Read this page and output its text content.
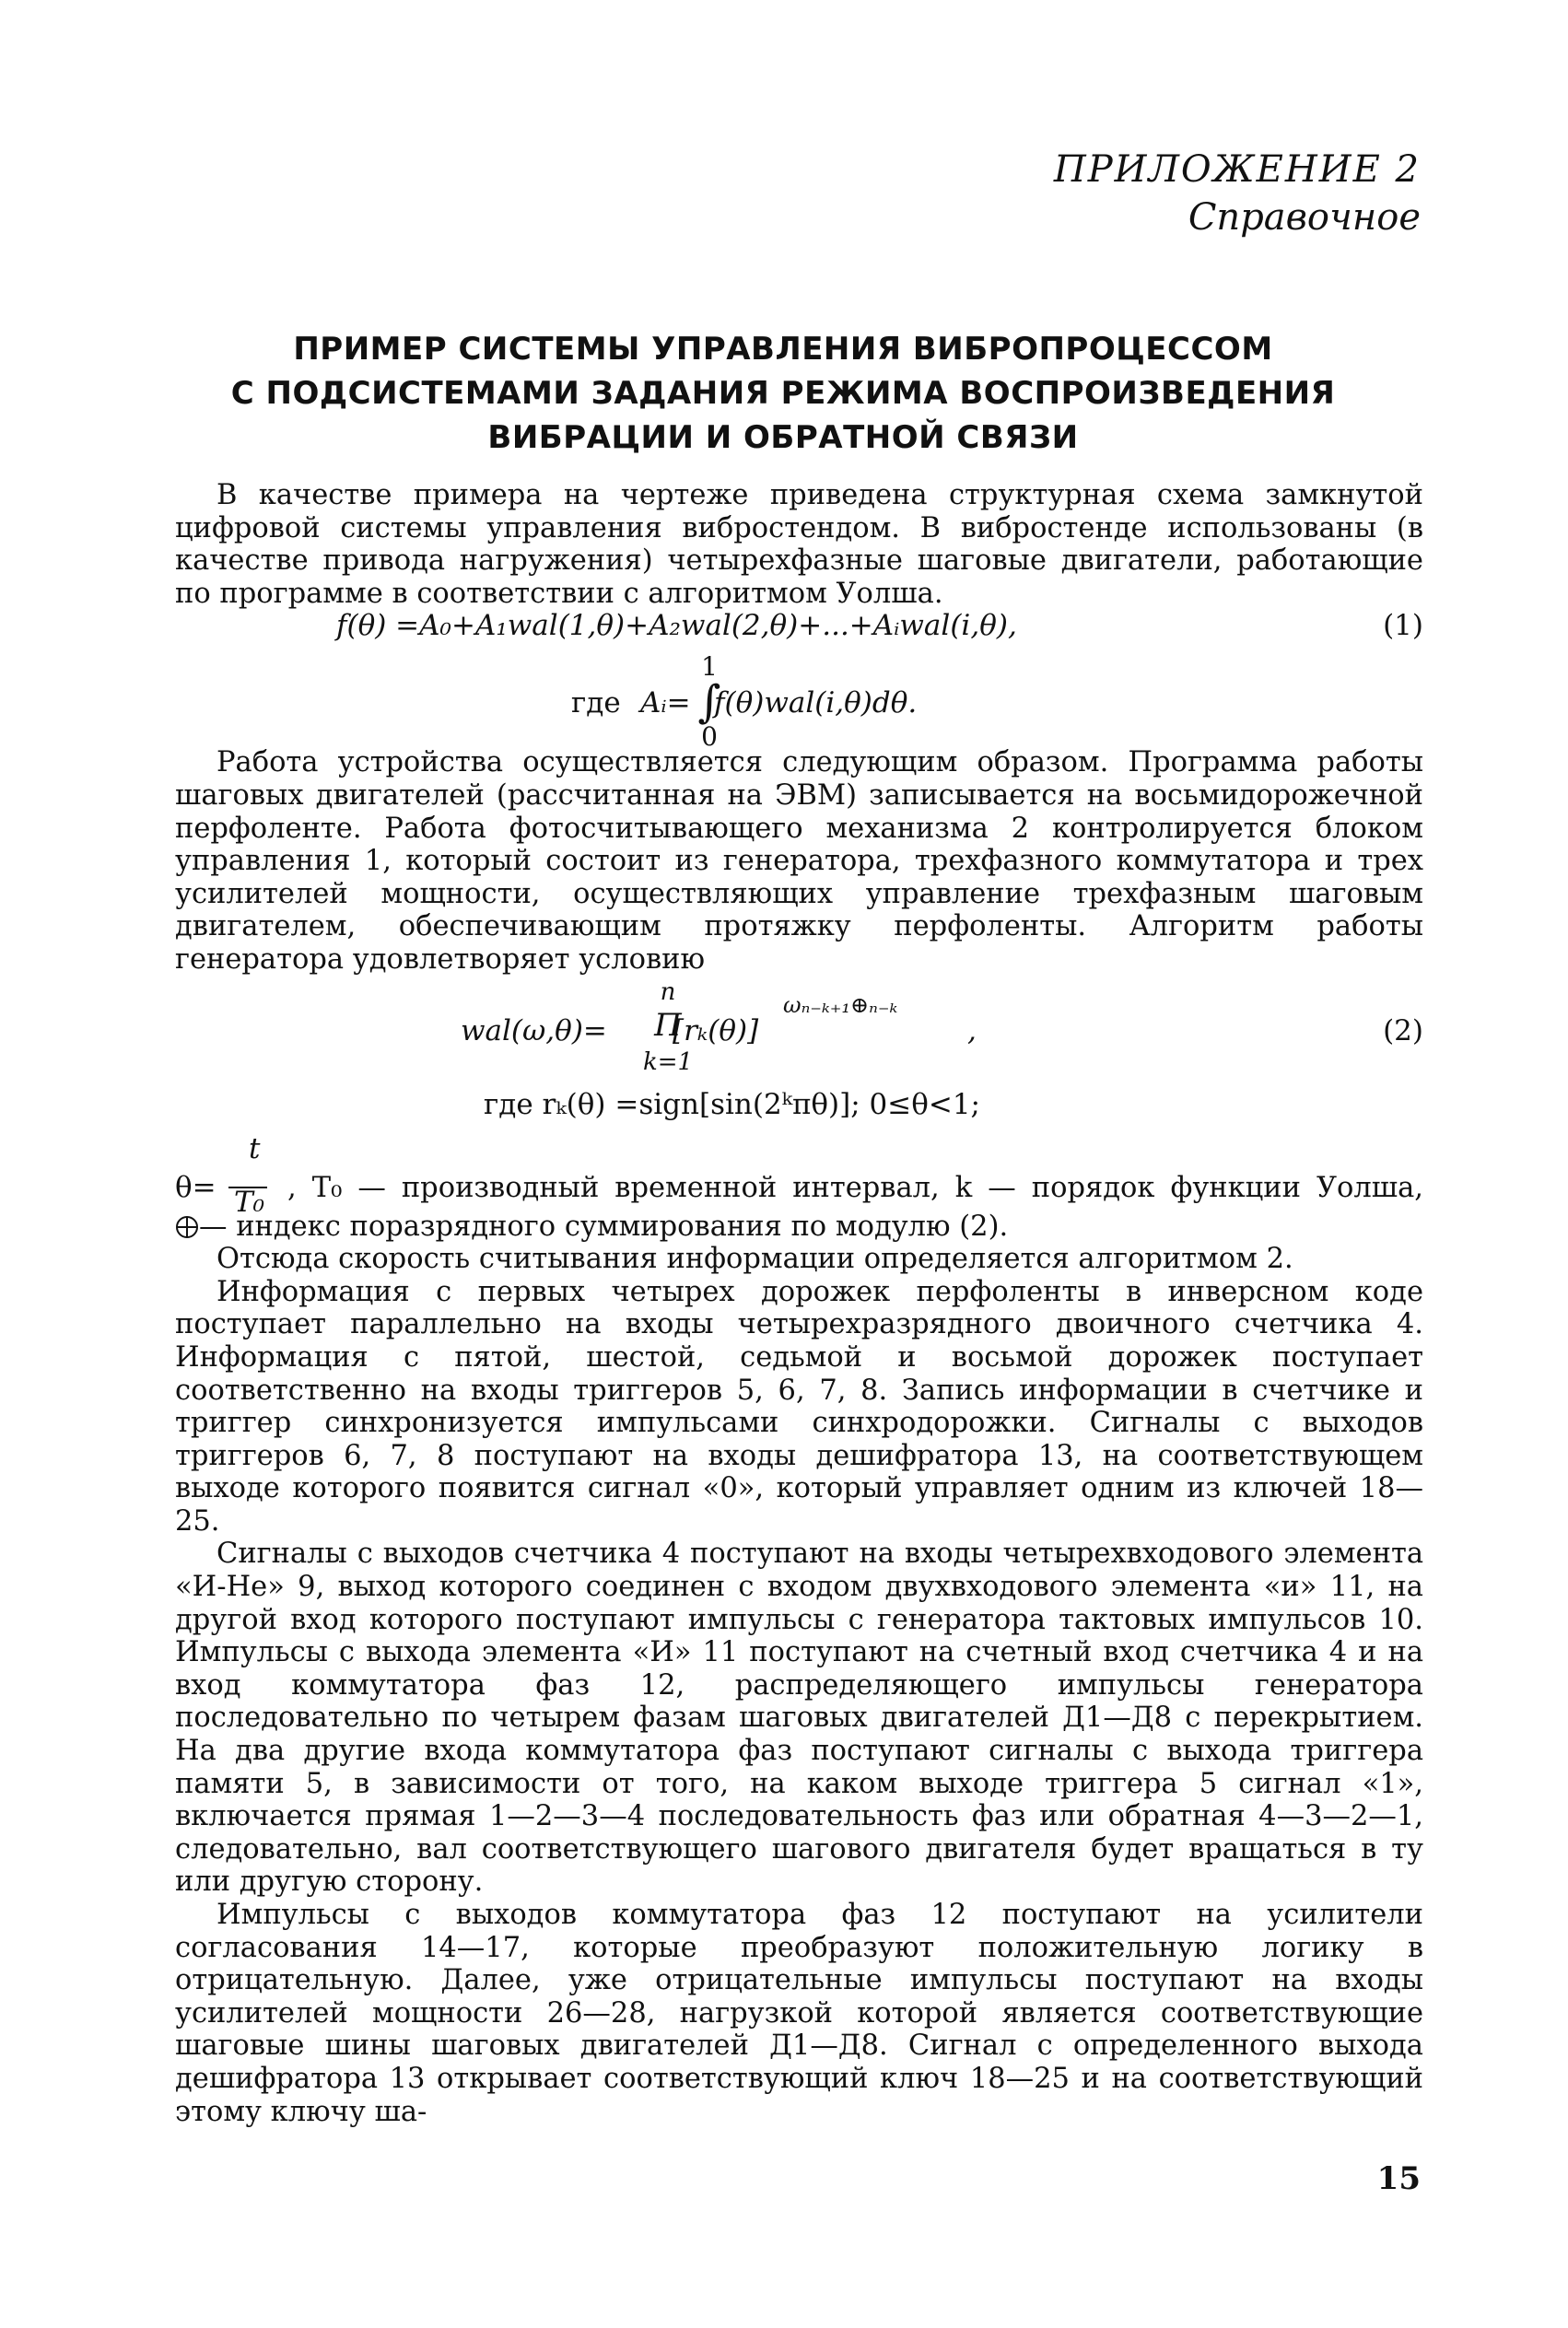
ПРИЛОЖЕНИЕ 2
Справочное
ПРИМЕР СИСТЕМЫ УПРАВЛЕНИЯ ВИБРОПРОЦЕССОМ
С ПОДСИСТЕМАМИ ЗАДАНИЯ РЕЖИМА ВОСПРОИЗВЕДЕНИЯ
ВИБРАЦИИ И ОБРАТНОЙ СВЯЗИ

В качестве примера на чертеже приведена структурная схема замкнутой цифровой системы управления вибростендом. В вибростенде использованы (в качестве привода нагружения) четырехфазные шаговые двигатели, работающие по программе в соответствии с алгоритмом Уолша.

f(θ) =A₀+A₁wal(1,θ)+A₂wal(2,θ)+...+Aᵢwal(i,θ),	(1)
где Aᵢ=
1
∫
0
f(θ)wal(i,θ)dθ.

Работа устройства осуществляется следующим образом. Программа работы шаговых двигателей (рассчитанная на ЭВМ) записывается на восьмидорожечной перфоленте. Работа фотосчитывающего механизма 2 контролируется блоком управления 1, который состоит из генератора, трехфазного коммутатора и трех усилителей мощности, осуществляющих управление трехфазным шаговым двигателем, обеспечивающим протяжку перфоленты. Алгоритм работы генератора удовлетворяет условию

wal(ω,θ)=
n
Π
k=1
[rₖ(θ)]
ωₙ₋ₖ₊₁⊕ₙ₋ₖ
,	(2)
где rₖ(θ) =sign[sin(2ᵏπθ)]; 0≤θ<1;
θ=
t
T₀ , T₀ — производный временной интервал, k — порядок функции Уолша,

— индекс поразрядного суммирования по модулю (2).

Отсюда скорость считывания информации определяется алгоритмом 2.

Информация с первых четырех дорожек перфоленты в инверсном коде поступает параллельно на входы четырехразрядного двоичного счетчика 4. Информация с пятой, шестой, седьмой и восьмой дорожек поступает соответственно на входы триггеров 5, 6, 7, 8. Запись информации в счетчике и триггер синхронизуется импульсами синхродорожки. Сигналы с выходов триггеров 6, 7, 8 поступают на входы дешифратора 13, на соответствующем выходе которого появится сигнал «0», который управляет одним из ключей 18—25.

Сигналы с выходов счетчика 4 поступают на входы четырехвходового элемента «И-Не» 9, выход которого соединен с входом двухвходового элемента «и» 11, на другой вход которого поступают импульсы с генератора тактовых импульсов 10. Импульсы с выхода элемента «И» 11 поступают на счетный вход счетчика 4 и на вход коммутатора фаз 12, распределяющего импульсы генератора последовательно по четырем фазам шаговых двигателей Д1—Д8 с перекрытием. На два другие входа коммутатора фаз поступают сигналы с выхода триггера памяти 5, в зависимости от того, на каком выходе триггера 5 сигнал «1», включается прямая 1—2—3—4 последовательность фаз или обратная 4—3—2—1, следовательно, вал соответствующего шагового двигателя будет вращаться в ту или другую сторону.

Импульсы с выходов коммутатора фаз 12 поступают на усилители согласования 14—17, которые преобразуют положительную логику в отрицательную. Далее, уже отрицательные импульсы поступают на входы усилителей мощности 26—28, нагрузкой которой является соответствующие шаговые шины шаговых двигателей Д1—Д8. Сигнал с определенного выхода дешифратора 13 открывает соответствующий ключ 18—25 и на соответствующий этому ключу ша-

15
